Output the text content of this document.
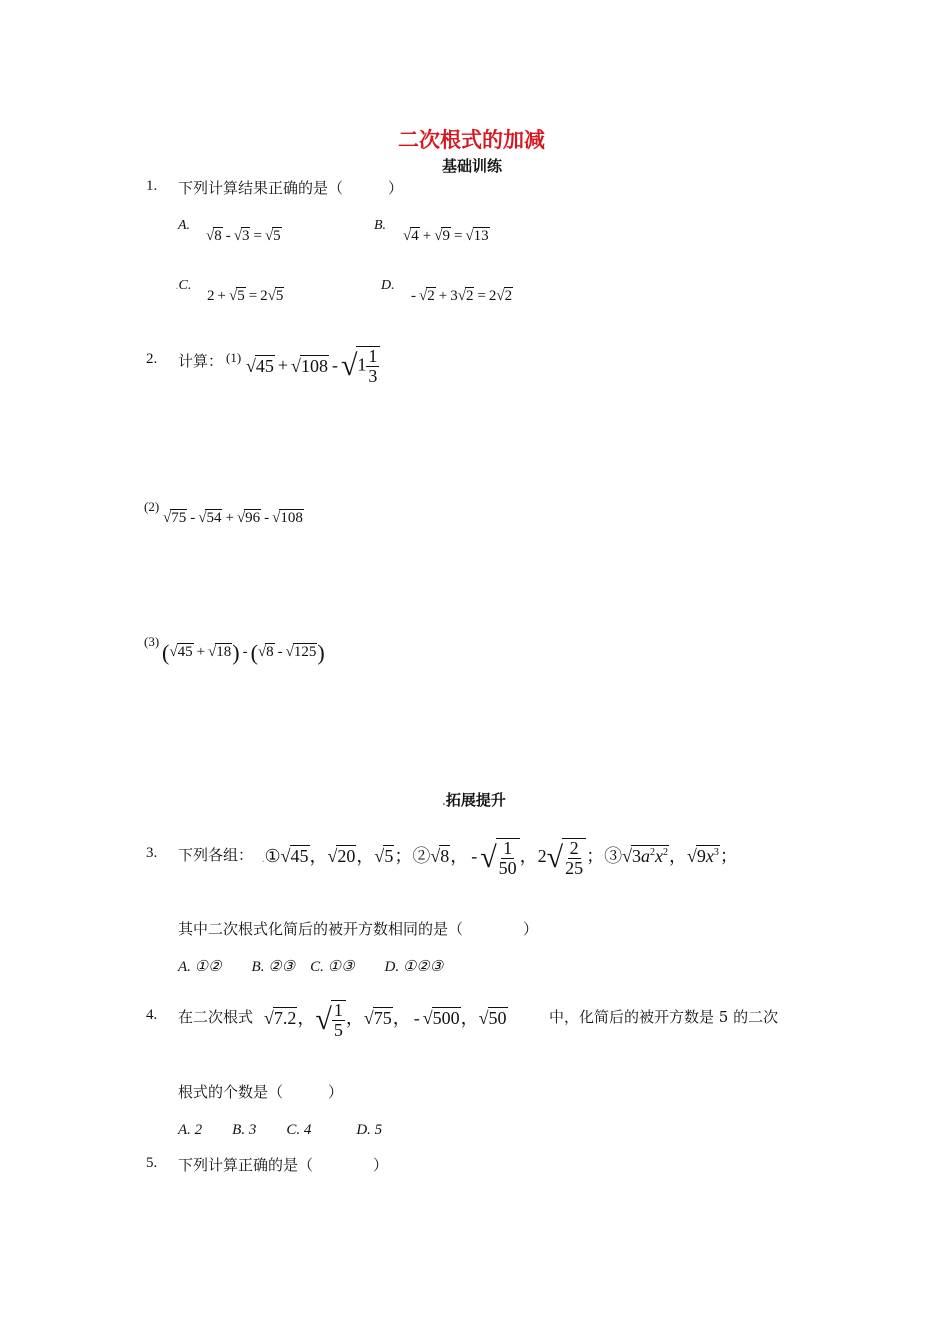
二次根式的加减
基础训练
1. 下列计算结果正确的是（　　　）
A.
√8 - √3 = √5
B.
√4 + √9 = √13
.C.
2 + √5 = 2√5
D.
- √2 + 3√2 = 2√2
2. 计算： (1) $√45 + √108 - √1 \frac{1}{3}$
(2)
√75 - √54 + √96 - √108
(3) (√45 + √18) - (√8 - √125)
.拓展提升
3. 下列各组： .①√45，√20，√5；②√8， - √ $\frac{1}{50}$ ，$2√ \frac{2}{25}$ ；$③√3a^2x^2$，$√9x^3$；
其中二次根式化简后的被开方数相同的是（　　　　）
A. ①②　　B. ②③　C. ①③　　D. ①②③
4. 在二次根式 √7.2，√ $\frac{1}{5}$ ，√75， - √500，√50	中，化简后的被开方数是 5 的二次
根式的个数是（　　　）
A. 2　　B. 3　　C. 4　　　D. 5
5. 下列计算正确的是（　　　　）
